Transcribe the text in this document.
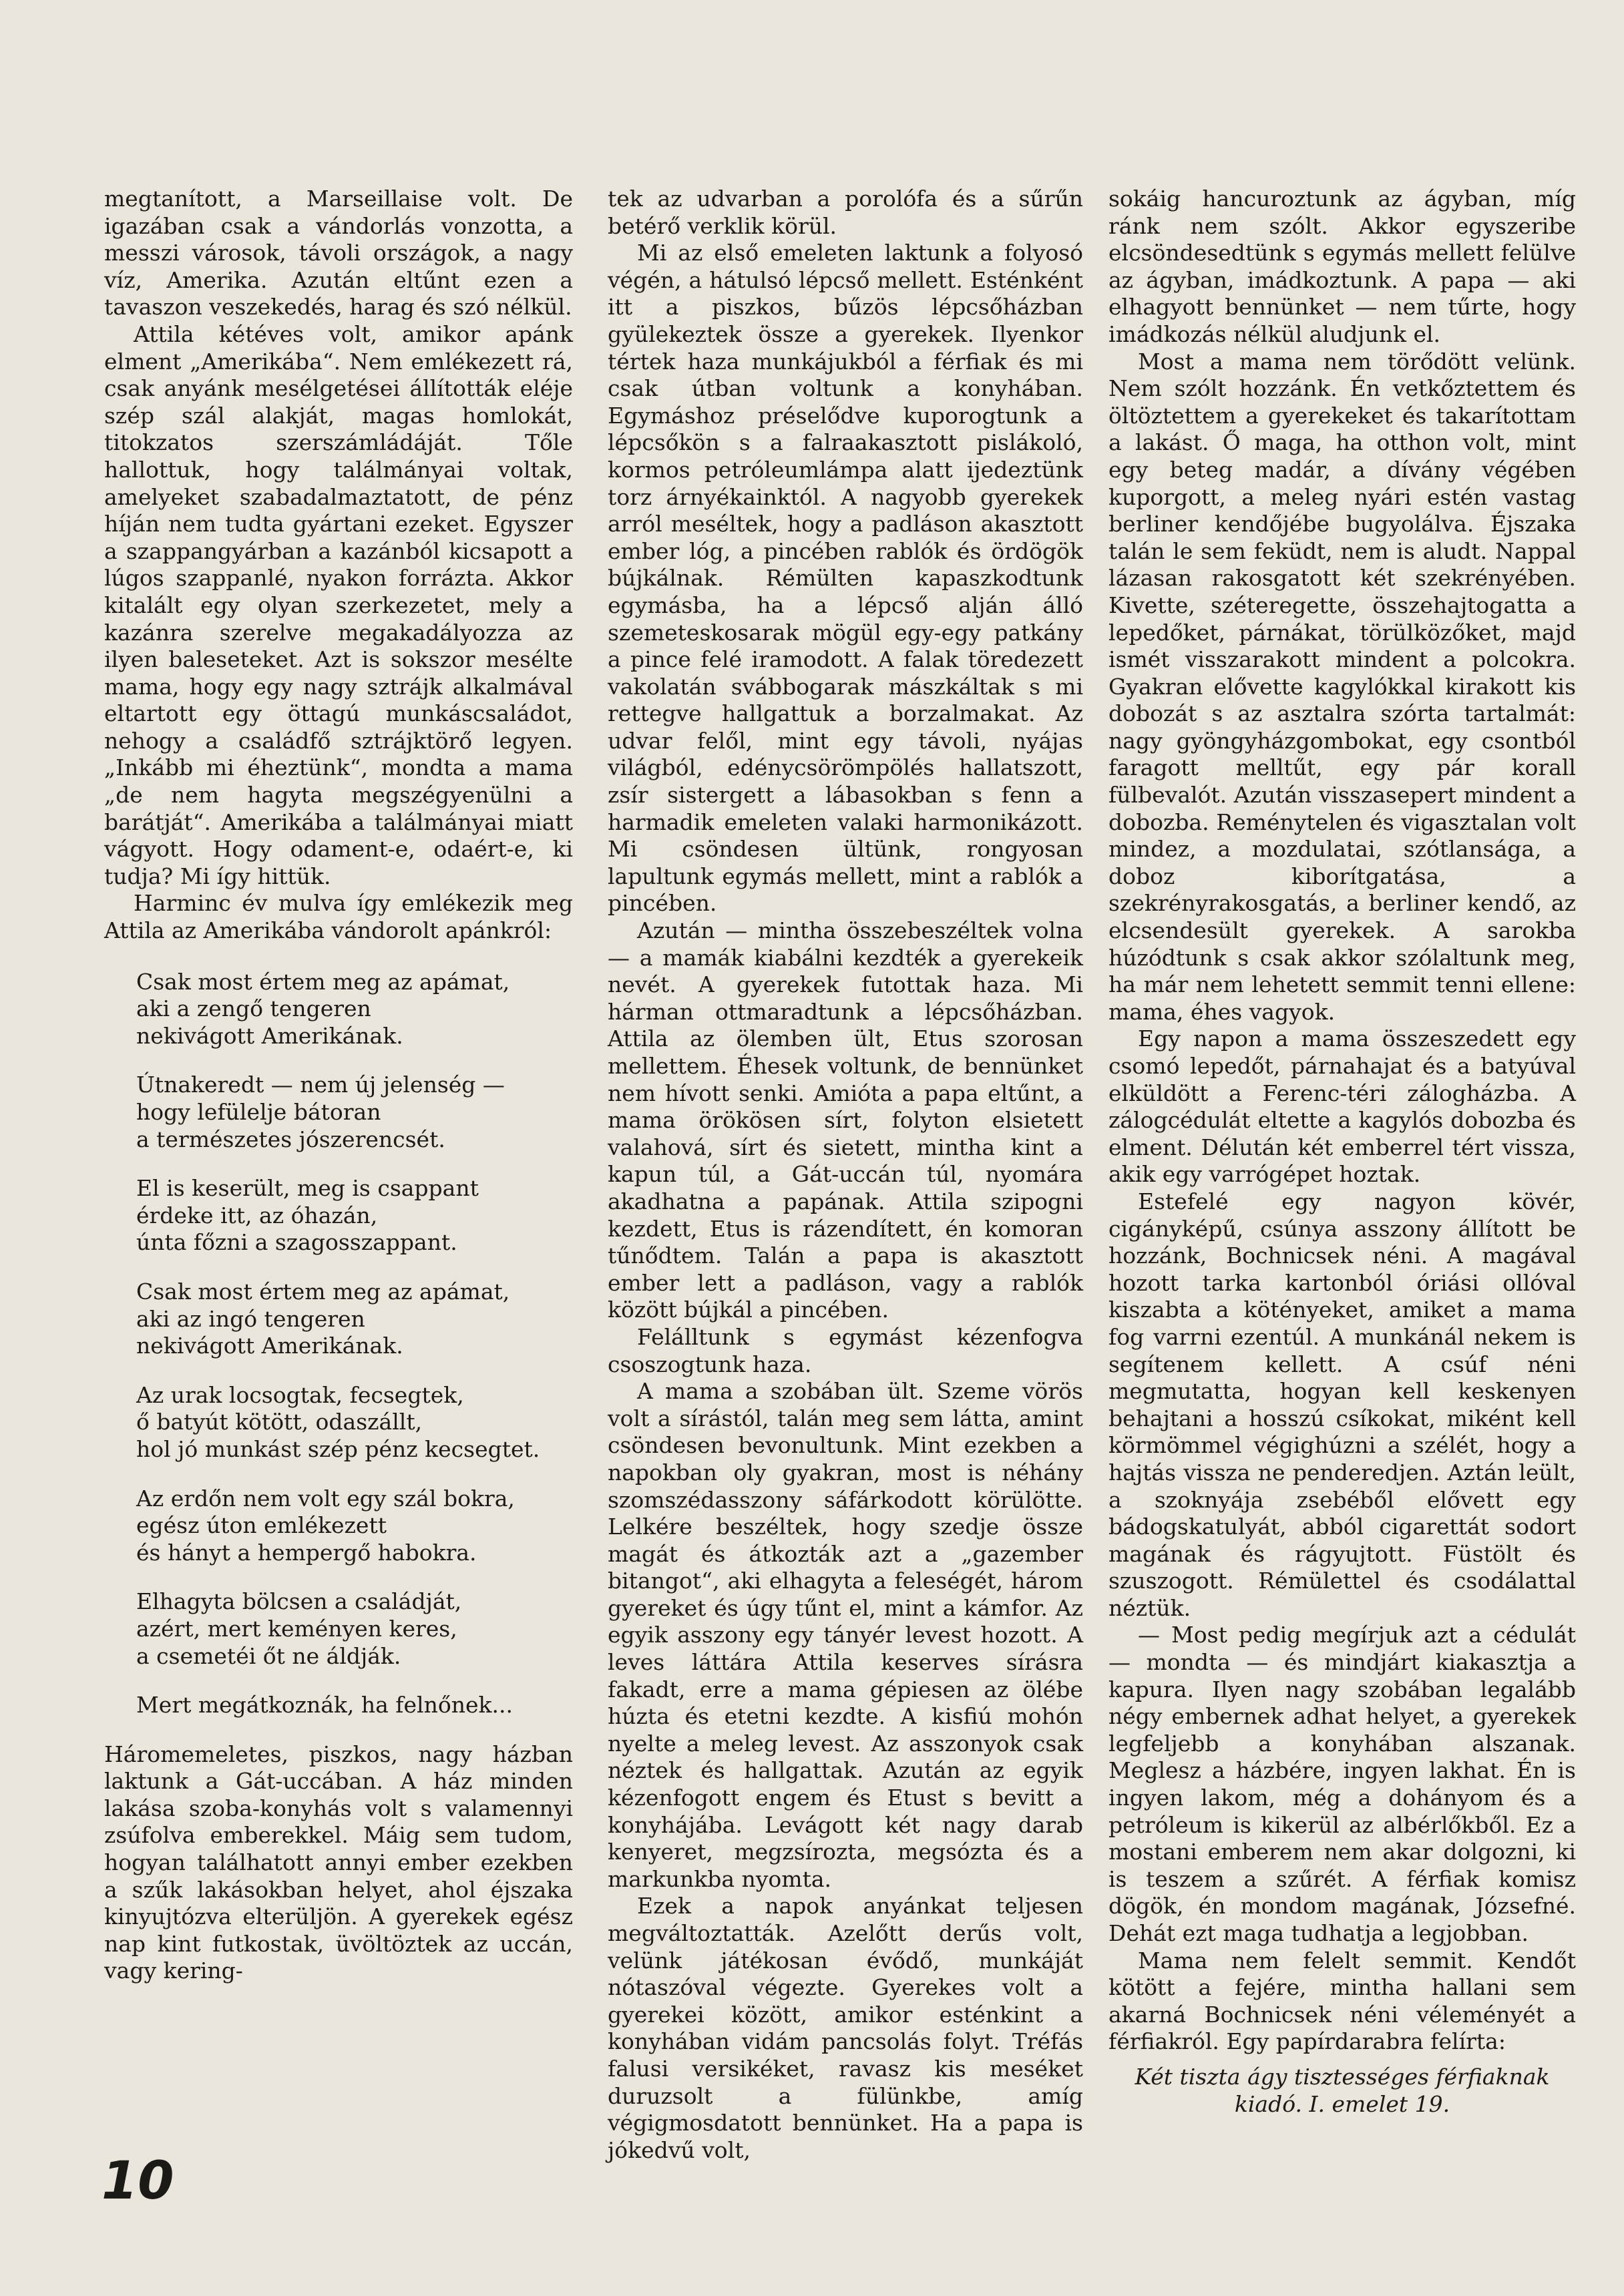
megtanított, a Marseillaise volt. De igazában csak a vándorlás vonzotta, a messzi városok, távoli országok, a nagy víz, Amerika. Azután eltűnt ezen a tavaszon veszekedés, harag és szó nélkül.

Attila kétéves volt, amikor apánk elment „Amerikába“. Nem emlékezett rá, csak anyánk mesélgetései állították eléje szép szál alakját, magas homlokát, titokzatos szerszámládáját. Tőle hallottuk, hogy találmányai voltak, amelyeket szabadalmaztatott, de pénz híján nem tudta gyártani ezeket. Egyszer a szappangyárban a kazánból kicsapott a lúgos szappanlé, nyakon forrázta. Akkor kitalált egy olyan szerkezetet, mely a kazánra szerelve megakadályozza az ilyen baleseteket. Azt is sokszor mesélte mama, hogy egy nagy sztrájk alkalmával eltartott egy öttagú munkáscsaládot, nehogy a családfő sztrájktörő legyen. „Inkább mi éheztünk“, mondta a mama „de nem hagyta megszégyenülni a barátját“. Amerikába a találmányai miatt vágyott. Hogy odament-e, odaért-e, ki tudja? Mi így hittük.

Harminc év mulva így emlékezik meg Attila az Amerikába vándorolt apánkról:

Csak most értem meg az apámat,
aki a zengő tengeren
nekivágott Amerikának.
Útnakeredt — nem új jelenség —
hogy lefülelje bátoran
a természetes jószerencsét.
El is keserült, meg is csappant
érdeke itt, az óhazán,
únta főzni a szagosszappant.
Csak most értem meg az apámat,
aki az ingó tengeren
nekivágott Amerikának.
Az urak locsogtak, fecsegtek,
ő batyút kötött, odaszállt,
hol jó munkást szép pénz kecsegtet.
Az erdőn nem volt egy szál bokra,
egész úton emlékezett
és hányt a hempergő habokra.
Elhagyta bölcsen a családját,
azért, mert keményen keres,
a csemetéi őt ne áldják.
Mert megátkoznák, ha felnőnek...

Háromemeletes, piszkos, nagy házban laktunk a Gát-uccában. A ház minden lakása szoba-konyhás volt s valamennyi zsúfolva emberekkel. Máig sem tudom, hogyan találhatott annyi ember ezekben a szűk lakásokban helyet, ahol éjszaka kinyujtózva elterüljön. A gyerekek egész nap kint futkostak, üvöltöztek az uccán, vagy kering-

tek az udvarban a porolófa és a sűrűn betérő verklik körül.

Mi az első emeleten laktunk a folyosó végén, a hátulsó lépcső mellett. Esténként itt a piszkos, bűzös lépcsőházban gyülekeztek össze a gyerekek. Ilyenkor tértek haza munkájukból a férfiak és mi csak útban voltunk a konyhában. Egymáshoz préselődve kuporogtunk a lépcsőkön s a falraakasztott pislákoló, kormos petróleumlámpa alatt ijedeztünk torz árnyékainktól. A nagyobb gyerekek arról meséltek, hogy a padláson akasztott ember lóg, a pincében rablók és ördögök bújkálnak. Rémülten kapaszkodtunk egymásba, ha a lépcső alján álló szemeteskosarak mögül egy-egy patkány a pince felé iramodott. A falak töredezett vakolatán svábbogarak mászkáltak s mi rettegve hallgattuk a borzalmakat. Az udvar felől, mint egy távoli, nyájas világból, edénycsörömpölés hallatszott, zsír sistergett a lábasokban s fenn a harmadik emeleten valaki harmonikázott. Mi csöndesen ültünk, rongyosan lapultunk egymás mellett, mint a rablók a pincében.

Azután — mintha összebeszéltek volna — a mamák kiabálni kezdték a gyerekeik nevét. A gyerekek futottak haza. Mi hárman ottmaradtunk a lépcsőházban. Attila az ölemben ült, Etus szorosan mellettem. Éhesek voltunk, de bennünket nem hívott senki. Amióta a papa eltűnt, a mama örökösen sírt, folyton elsietett valahová, sírt és sietett, mintha kint a kapun túl, a Gát-uccán túl, nyomára akadhatna a papának. Attila szipogni kezdett, Etus is rázendített, én komoran tűnődtem. Talán a papa is akasztott ember lett a padláson, vagy a rablók között bújkál a pincében.

Felálltunk s egymást kézenfogva csoszogtunk haza.

A mama a szobában ült. Szeme vörös volt a sírástól, talán meg sem látta, amint csöndesen bevonultunk. Mint ezekben a napokban oly gyakran, most is néhány szomszédasszony sáfárkodott körülötte. Lelkére beszéltek, hogy szedje össze magát és átkozták azt a „gazember bitangot“, aki elhagyta a feleségét, három gyereket és úgy tűnt el, mint a kámfor. Az egyik asszony egy tányér levest hozott. A leves láttára Attila keserves sírásra fakadt, erre a mama gépiesen az ölébe húzta és etetni kezdte. A kisfiú mohón nyelte a meleg levest. Az asszonyok csak néztek és hallgattak. Azután az egyik kézenfogott engem és Etust s bevitt a konyhájába. Levágott két nagy darab kenyeret, megzsírozta, megsózta és a markunkba nyomta.

Ezek a napok anyánkat teljesen megváltoztatták. Azelőtt derűs volt, velünk játékosan évődő, munkáját nótaszóval végezte. Gyerekes volt a gyerekei között, amikor esténkint a konyhában vidám pancsolás folyt. Tréfás falusi versikéket, ravasz kis meséket duruzsolt a fülünkbe, amíg végigmosdatott bennünket. Ha a papa is jókedvű volt,

sokáig hancuroztunk az ágyban, míg ránk nem szólt. Akkor egyszeribe elcsöndesedtünk s egymás mellett felülve az ágyban, imádkoztunk. A papa — aki elhagyott bennünket — nem tűrte, hogy imádkozás nélkül aludjunk el.

Most a mama nem törődött velünk. Nem szólt hozzánk. Én vetkőztettem és öltöztettem a gyerekeket és takarítottam a lakást. Ő maga, ha otthon volt, mint egy beteg madár, a dívány végében kuporgott, a meleg nyári estén vastag berliner kendőjébe bugyolálva. Éjszaka talán le sem feküdt, nem is aludt. Nappal lázasan rakosgatott két szekrényében. Kivette, széteregette, összehajtogatta a lepedőket, párnákat, törülközőket, majd ismét visszarakott mindent a polcokra. Gyakran elővette kagylókkal kirakott kis dobozát s az asztalra szórta tartalmát: nagy gyöngyházgombokat, egy csontból faragott melltűt, egy pár korall fülbevalót. Azután visszasepert mindent a dobozba. Reménytelen és vigasztalan volt mindez, a mozdulatai, szótlansága, a doboz kiborítgatása, a szekrényrakosgatás, a berliner kendő, az elcsendesült gyerekek. A sarokba húzódtunk s csak akkor szólaltunk meg, ha már nem lehetett semmit tenni ellene: mama, éhes vagyok.

Egy napon a mama összeszedett egy csomó lepedőt, párnahajat és a batyúval elküldött a Ferenc-téri zálogházba. A zálogcédulát eltette a kagylós dobozba és elment. Délután két emberrel tért vissza, akik egy varrógépet hoztak.

Estefelé egy nagyon kövér, cigányképű, csúnya asszony állított be hozzánk, Bochnicsek néni. A magával hozott tarka kartonból óriási ollóval kiszabta a kötényeket, amiket a mama fog varrni ezentúl. A munkánál nekem is segítenem kellett. A csúf néni megmutatta, hogyan kell keskenyen behajtani a hosszú csíkokat, miként kell körmömmel végighúzni a szélét, hogy a hajtás vissza ne penderedjen. Aztán leült, a szoknyája zsebéből elővett egy bádogskatulyát, abból cigarettát sodort magának és rágyujtott. Füstölt és szuszogott. Rémülettel és csodálattal néztük.

— Most pedig megírjuk azt a cédulát — mondta — és mindjárt kiakasztja a kapura. Ilyen nagy szobában legalább négy embernek adhat helyet, a gyerekek legfeljebb a konyhában alszanak. Meglesz a házbére, ingyen lakhat. Én is ingyen lakom, még a dohányom és a petróleum is kikerül az albérlőkből. Ez a mostani emberem nem akar dolgozni, ki is teszem a szűrét. A férfiak komisz dögök, én mondom magának, Józsefné. Dehát ezt maga tudhatja a legjobban.

Mama nem felelt semmit. Kendőt kötött a fejére, mintha hallani sem akarná Bochnicsek néni véleményét a férfiakról. Egy papírdarabra felírta:

Két tiszta ágy tisztességes férfiaknak
kiadó. I. emelet 19.
10
